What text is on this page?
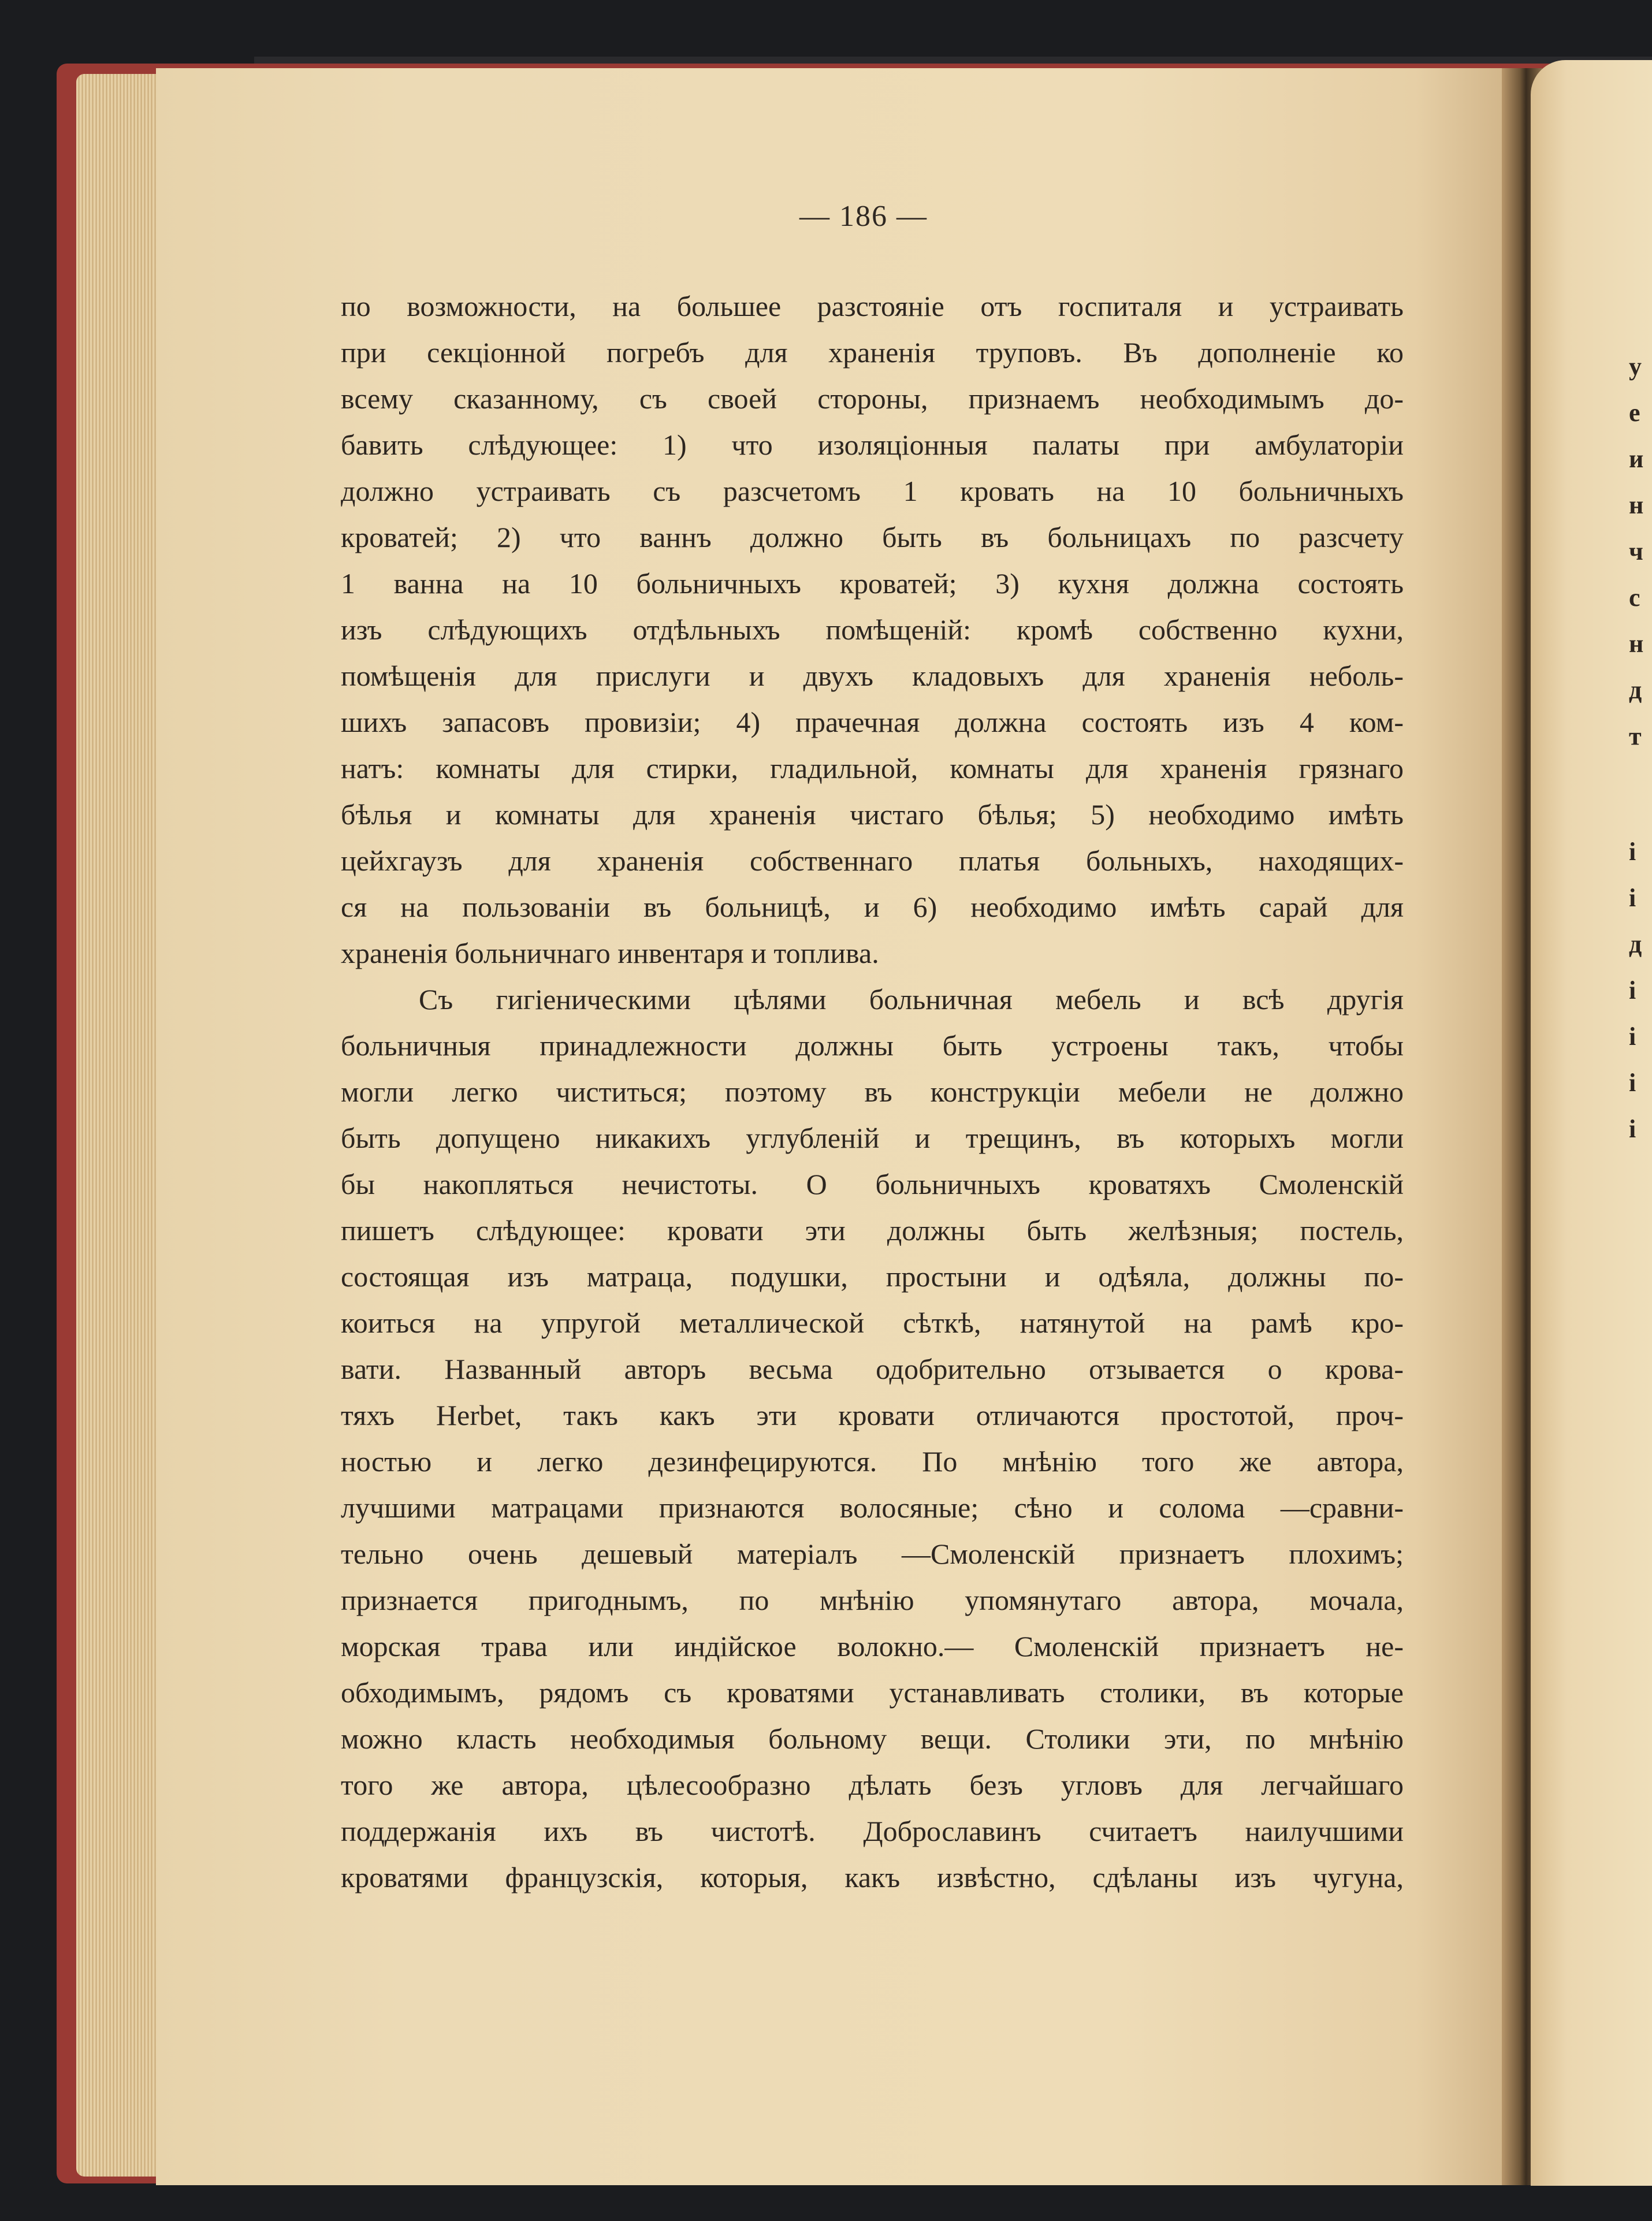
у
е
и
н
ч
с
н
д
т
і
і
д
і
і
і
і
— 186 —
по возможности, на большее разстояніе отъ госпиталя и устраивать
при секціонной погребъ для храненія труповъ. Въ дополненіе ко
всему сказанному, съ своей стороны, признаемъ необходимымъ до-
бавить слѣдующее: 1) что изоляціонныя палаты при амбулаторіи
должно устраивать съ разсчетомъ 1 кровать на 10 больничныхъ
кроватей; 2) что ваннъ должно быть въ больницахъ по разсчету
1 ванна на 10 больничныхъ кроватей; 3) кухня должна состоять
изъ слѣдующихъ отдѣльныхъ помѣщеній: кромѣ собственно кухни,
помѣщенія для прислуги и двухъ кладовыхъ для храненія неболь-
шихъ запасовъ провизіи; 4) прачечная должна состоять изъ 4 ком-
натъ: комнаты для стирки, гладильной, комнаты для храненія грязнаго
бѣлья и комнаты для храненія чистаго бѣлья; 5) необходимо имѣть
цейхгаузъ для храненія собственнаго платья больныхъ, находящих-
ся на пользованіи въ больницѣ, и 6) необходимо имѣть сарай для
храненія больничнаго инвентаря и топлива.
Съ гигіеническими цѣлями больничная мебель и всѣ другія
больничныя принадлежности должны быть устроены такъ, чтобы
могли легко чиститься; поэтому въ конструкціи мебели не должно
быть допущено никакихъ углубленій и трещинъ, въ которыхъ могли
бы накопляться нечистоты. О больничныхъ кроватяхъ Смоленскій
пишетъ слѣдующее: кровати эти должны быть желѣзныя; постель,
состоящая изъ матраца, подушки, простыни и одѣяла, должны по-
коиться на упругой металлической сѣткѣ, натянутой на рамѣ кро-
вати. Названный авторъ весьма одобрительно отзывается о крова-
тяхъ Herbet, такъ какъ эти кровати отличаются простотой, проч-
ностью и легко дезинфецируются. По мнѣнію того же автора,
лучшими матрацами признаются волосяные; сѣно и солома —сравни-
тельно очень дешевый матеріалъ —Смоленскій признаетъ плохимъ;
признается пригоднымъ, по мнѣнію упомянутаго автора, мочала,
морская трава или индійское волокно.— Смоленскій признаетъ не-
обходимымъ, рядомъ съ кроватями устанавливать столики, въ которые
можно класть необходимыя больному вещи. Столики эти, по мнѣнію
того же автора, цѣлесообразно дѣлать безъ угловъ для легчайшаго
поддержанія ихъ въ чистотѣ. Доброславинъ считаетъ наилучшими
кроватями французскія, которыя, какъ извѣстно, сдѣланы изъ чугуна,
